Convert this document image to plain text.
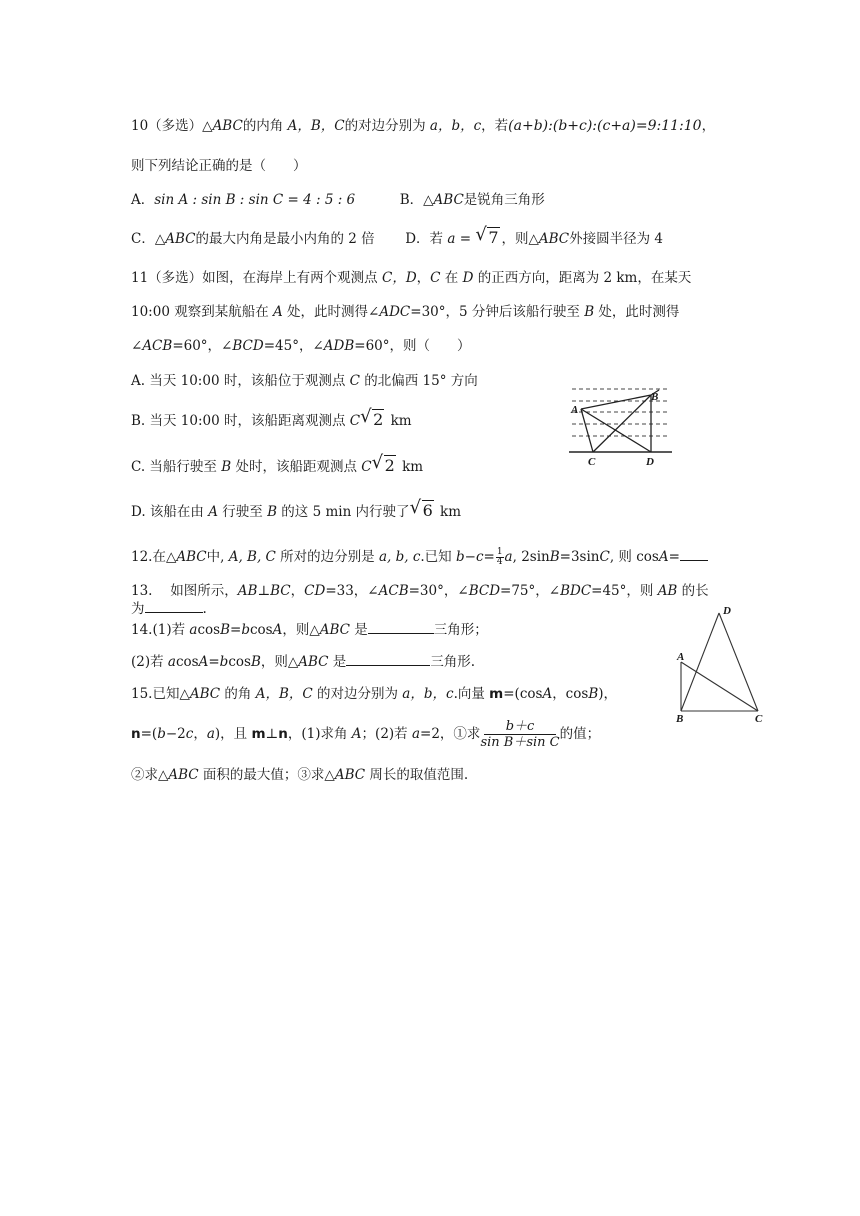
10（多选）△ABC的内角 A，B，C的对边分别为 a，b，c，若(a+b):(b+c):(c+a)=9:11:10，
则下列结论正确的是（　　）
A．sin A : sin B : sin C = 4 : 5 : 6	B．△ABC是锐角三角形
C．△ABC的最大内角是最小内角的 2 倍 D．若 a = √ 7 ，则△ABC外接圆半径为 4
11（多选）如图，在海岸上有两个观测点 C，D，C 在 D 的正西方向，距离为 2 km，在某天
10:00 观察到某航船在 A 处，此时测得∠ADC=30°，5 分钟后该船行驶至 B 处，此时测得
∠ACB=60°，∠BCD=45°，∠ADB=60°，则（　　）
A. 当天 10:00 时，该船位于观测点 C 的北偏西 15° 方向
B. 当天 10:00 时，该船距离观测点 C √ 2 km
C. 当船行驶至 B 处时，该船距观测点 C √ 2 km
D. 该船在由 A 行驶至 B 的这 5 min 内行驶了 √ 6 km
A
B
C	D
12.在△ABC中, A, B, C 所对的边分别是 a, b, c.已知 $b-c= \frac{1}{4} a$, 2sinB=3sinC, 则 cosA=
13.　 如图所示，AB⊥BC，CD=33，∠ACB=30°，∠BCD=75°，∠BDC=45°，则 AB 的长
为	.
14.(1)若 acosB=bcosA，则△ABC 是	三角形；
(2)若 acosA=bcosB，则△ABC 是	三角形.	A
B	C
D
15.已知△ABC 的角 A，B，C 的对边分别为 a，b，c.向量 m=(cosA，cosB)，
n=(b−2c，a)，且 m⊥n，(1)求角 A；(2)若 a=2，①求 $\frac{b+c}{\text{sin B＋sin C}}$ 的值；
②求△ABC 面积的最大值；③求△ABC 周长的取值范围.
